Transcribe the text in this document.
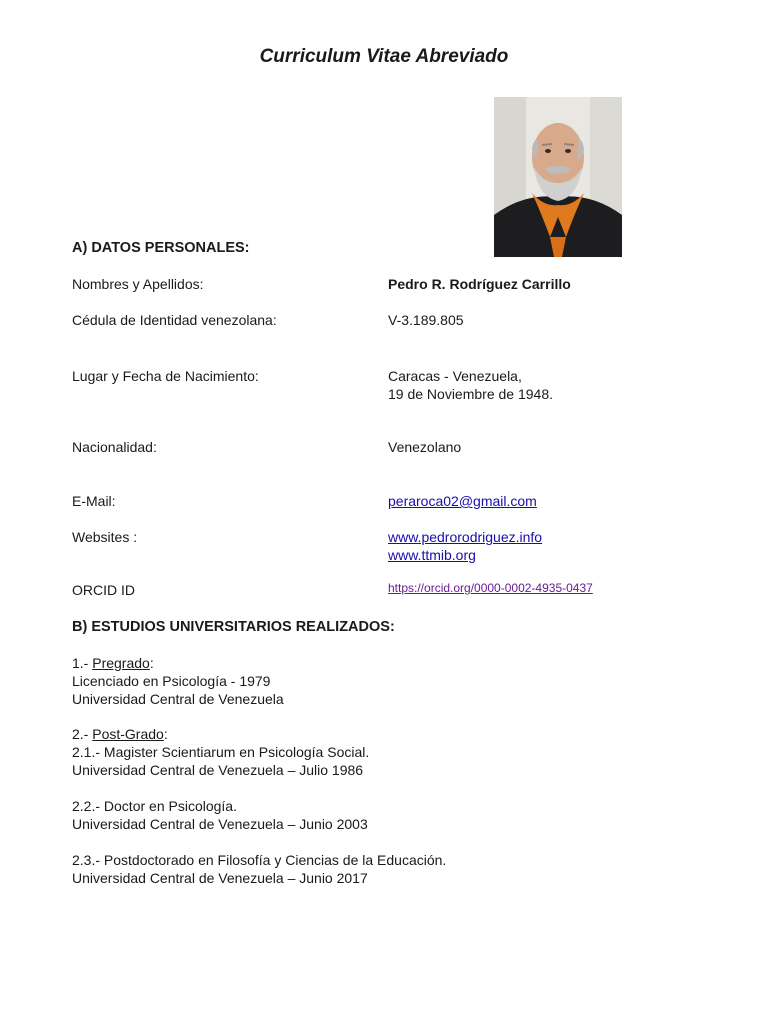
Curriculum Vitae Abreviado
A) DATOS PERSONALES:
Nombres y Apellidos:	Pedro R. Rodríguez Carrillo
Cédula de Identidad venezolana:	V-3.189.805
Lugar y Fecha de Nacimiento:	Caracas - Venezuela,
19 de Noviembre de 1948.
Nacionalidad:	Venezolano
E-Mail:	peraroca02@gmail.com
Websites :	www.pedrorodriguez.info
www.ttmib.org
ORCID ID	https://orcid.org/0000-0002-4935-0437
B) ESTUDIOS UNIVERSITARIOS REALIZADOS:
1.- Pregrado:
Licenciado en Psicología - 1979
Universidad Central de Venezuela
2.- Post-Grado:
2.1.- Magister Scientiarum en Psicología Social.
Universidad Central de Venezuela – Julio 1986
2.2.- Doctor en Psicología.
Universidad Central de Venezuela – Junio 2003
2.3.- Postdoctorado en Filosofía y Ciencias de la Educación.
Universidad Central de Venezuela – Junio 2017
